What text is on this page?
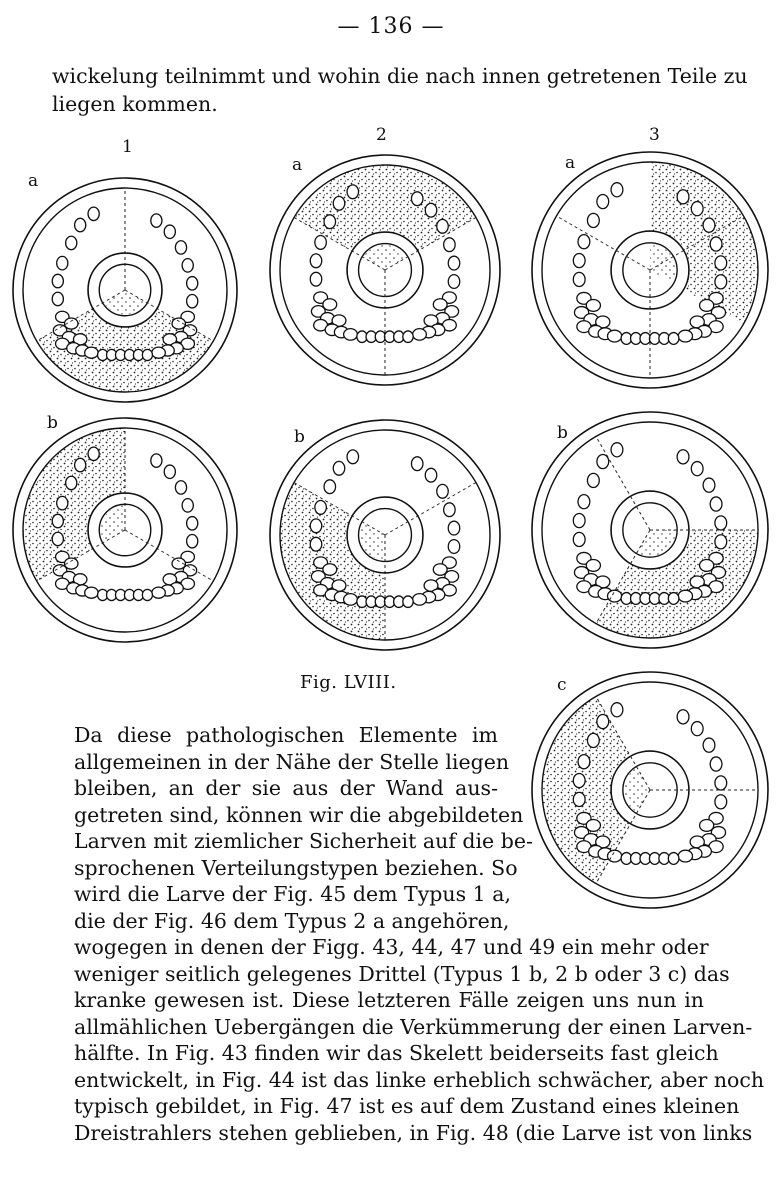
— 136 —
wickelung teilnimmt und wohin die nach innen getretenen Teile zu
liegen kommen.
1
2	3
a
a	a
b
b	b
c
Fig. LVIII.
Da diese pathologischen Elemente im
allgemeinen in der Nähe der Stelle liegen
bleiben, an der sie aus der Wand aus-
getreten sind, können wir die abgebildeten
Larven mit ziemlicher Sicherheit auf die be-
sprochenen Verteilungstypen beziehen. So
wird die Larve der Fig. 45 dem Typus 1 a,
die der Fig. 46 dem Typus 2 a angehören,
wogegen in denen der Figg. 43, 44, 47 und 49 ein mehr oder
weniger seitlich gelegenes Drittel (Typus 1 b, 2 b oder 3 c) das
kranke gewesen ist. Diese letzteren Fälle zeigen uns nun in
allmählichen Uebergängen die Verkümmerung der einen Larven-
hälfte. In Fig. 43 finden wir das Skelett beiderseits fast gleich
entwickelt, in Fig. 44 ist das linke erheblich schwächer, aber noch
typisch gebildet, in Fig. 47 ist es auf dem Zustand eines kleinen
Dreistrahlers stehen geblieben, in Fig. 48 (die Larve ist von links
